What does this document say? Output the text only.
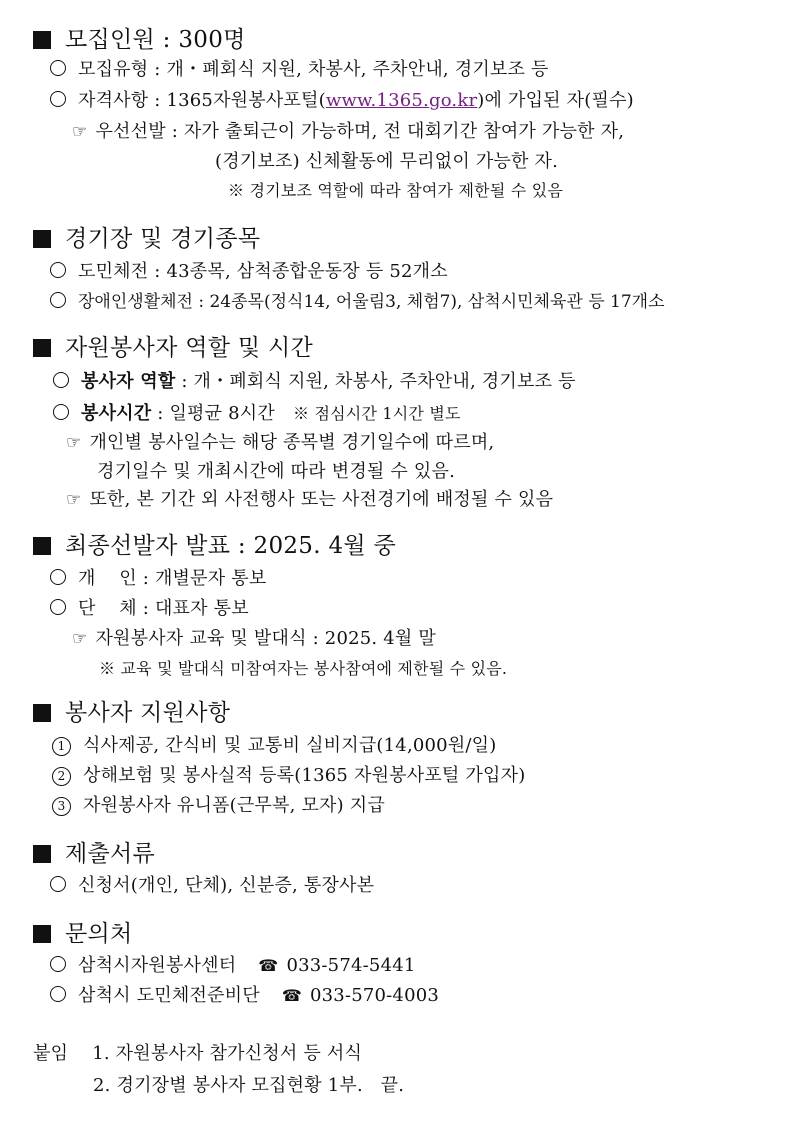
모집인원 : 300명
모집유형 : 개・폐회식 지원, 차봉사, 주차안내, 경기보조 등
자격사항 : 1365자원봉사포털(www.1365.go.kr)에 가입된 자(필수)
☞ 우선선발 : 자가 출퇴근이 가능하며, 전 대회기간 참여가 가능한 자,
(경기보조) 신체활동에 무리없이 가능한 자.
※ 경기보조 역할에 따라 참여가 제한될 수 있음
경기장 및 경기종목
도민체전 : 43종목, 삼척종합운동장 등 52개소
장애인생활체전 : 24종목(정식14, 어울림3, 체험7), 삼척시민체육관 등 17개소
자원봉사자 역할 및 시간
봉사자 역할 : 개・폐회식 지원, 차봉사, 주차안내, 경기보조 등
봉사시간 : 일평균 8시간 ※ 점심시간 1시간 별도
☞ 개인별 봉사일수는 해당 종목별 경기일수에 따르며,
경기일수 및 개최시간에 따라 변경될 수 있음.
☞ 또한, 본 기간 외 사전행사 또는 사전경기에 배정될 수 있음
최종선발자 발표 : 2025. 4월 중
개    인 : 개별문자 통보
단    체 : 대표자 통보
☞ 자원봉사자 교육 및 발대식 : 2025. 4월 말
※ 교육 및 발대식 미참여자는 봉사참여에 제한될 수 있음.
봉사자 지원사항
1 식사제공, 간식비 및 교통비 실비지급(14,000원/일)
2 상해보험 및 봉사실적 등록(1365 자원봉사포털 가입자)
3 자원봉사자 유니폼(근무복, 모자) 지급
제출서류
신청서(개인, 단체), 신분증, 통장사본
문의처
삼척시자원봉사센터 ☎ 033-574-5441
삼척시 도민체전준비단 ☎ 033-570-4003
붙임 1. 자원봉사자 참가신청서 등 서식
2. 경기장별 봉사자 모집현황 1부.   끝.
